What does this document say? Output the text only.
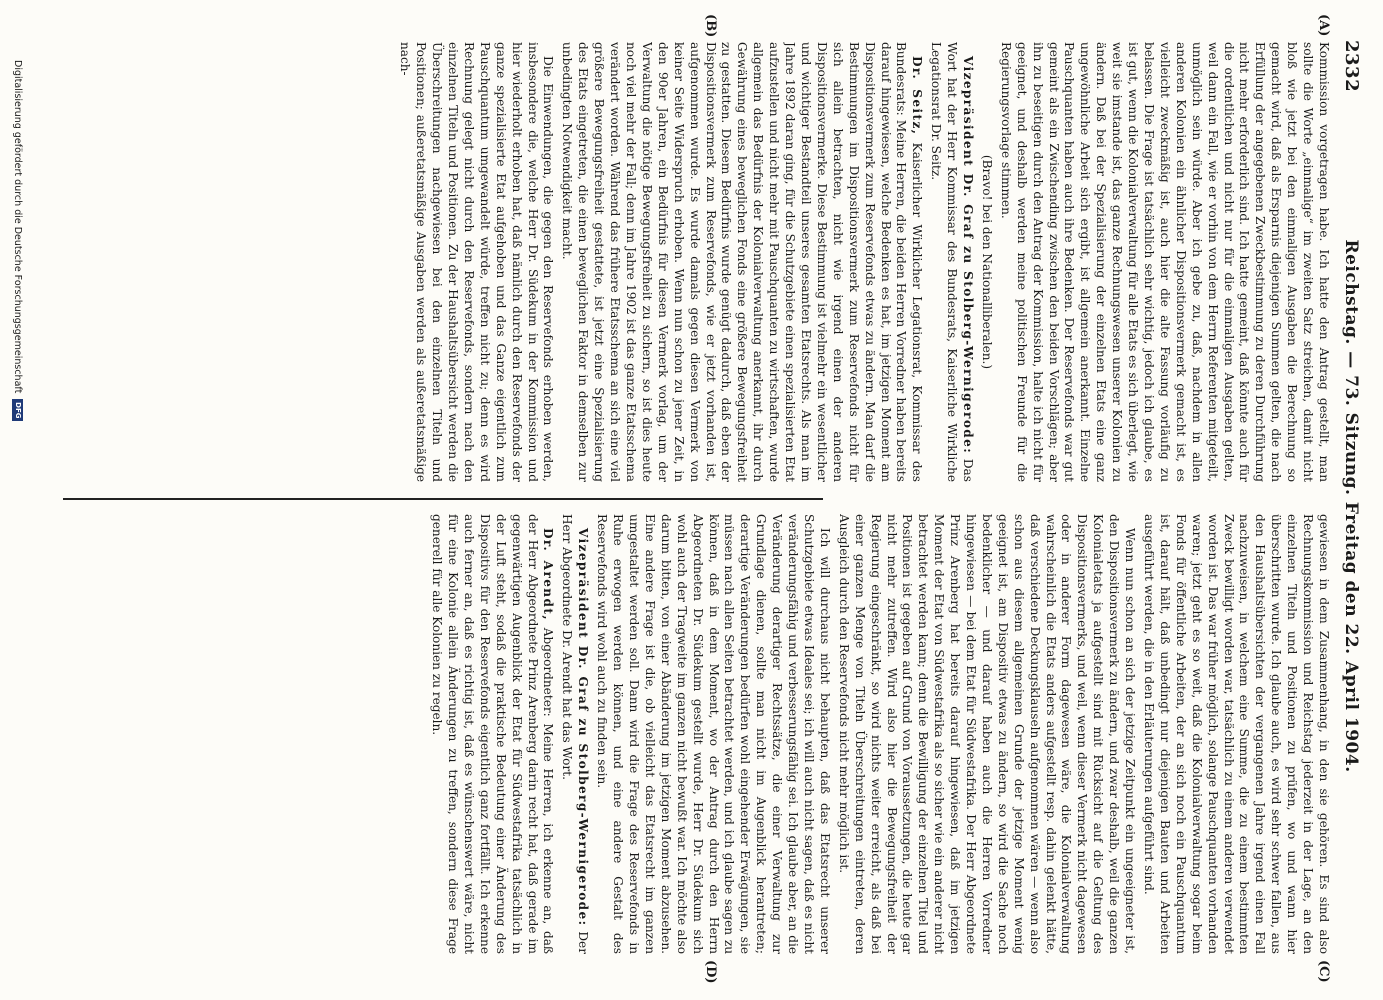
2332
Reichstag. — 73. Sitzung. Freitag den 22. April 1904.
(A)
(B)
(C)
(D)

Kommission vorgetragen habe. Ich hatte den Antrag gestellt, man sollte die Worte „einmalige“ im zweiten Satz streichen, damit nicht bloß wie jetzt bei den einmaligen Ausgaben die Berechnung so gemacht wird, daß als Ersparnis diejenigen Summen gelten, die nach Erfüllung der angegebenen Zweckbestimmung zu deren Durchführung nicht mehr erforderlich sind. Ich hatte gemeint, daß könnte auch für die ordentlichen und nicht nur für die einmaligen Ausgaben gelten, weil dann ein Fall, wie er vorhin von dem Herrn Referenten mitgeteilt, unmöglich sein würde. Aber ich gebe zu, daß, nachdem in allen anderen Kolonien ein ähnlicher Dispositionsvermerk gemacht ist, es vielleicht zweckmäßig ist, auch hier die alte Fassung vorläufig zu belassen. Die Frage ist tatsächlich sehr wichtig, jedoch ich glaube, es ist gut, wenn die Kolonialverwaltung für alle Etats es sich überlegt, wie weit sie imstande ist, das ganze Rechnungswesen unserer Kolonien zu ändern. Daß bei der Spezialisierung der einzelnen Etats eine ganz ungewöhnliche Arbeit sich ergibt, ist allgemein anerkannt. Einzelne Pauschquanten haben auch ihre Bedenken. Der Reservefonds war gut gemeint als ein Zwischending zwischen den beiden Vorschlägen; aber ihn zu beseitigen durch den Antrag der Kommission, halte ich nicht für geeignet, und deshalb werden meine politischen Freunde für die Regierungsvorlage stimmen.

(Bravo! bei den Nationalliberalen.)

Vizepräsident Dr. Graf zu Stolberg-Wernigerode: Das Wort hat der Herr Kommissar des Bundesrats, Kaiserliche Wirkliche Legationsrat Dr. Seitz.

Dr. Seitz, Kaiserlicher Wirklicher Legationsrat, Kommissar des Bundesrats: Meine Herren, die beiden Herren Vorredner haben bereits darauf hingewiesen, welche Bedenken es hat, im jetzigen Moment am Dispositionsvermerk zum Reservefonds etwas zu ändern. Man darf die Bestimmungen im Dispositionsvermerk zum Reservefonds nicht für sich allein betrachten, nicht wie irgend einen der anderen Dispositionsvermerke. Diese Bestimmung ist vielmehr ein wesentlicher und wichtiger Bestandteil unseres gesamten Etatsrechts. Als man im Jahre 1892 daran ging, für die Schutzgebiete einen spezialisierten Etat aufzustellen und nicht mehr mit Pauschquanten zu wirtschaften, wurde allgemein das Bedürfnis der Kolonialverwaltung anerkannt, ihr durch Gewährung eines beweglichen Fonds eine größere Bewegungsfreiheit zu gestatten. Diesem Bedürfnis wurde genügt dadurch, daß eben der Dispositionsvermerk zum Reservefonds, wie er jetzt vorhanden ist, aufgenommen wurde. Es wurde damals gegen diesen Vermerk von keiner Seite Widerspruch erhoben. Wenn nun schon zu jener Zeit, in den 90er Jahren, ein Bedürfnis für diesen Vermerk vorlag, um der Verwaltung die nötige Bewegungsfreiheit zu sichern, so ist dies heute noch viel mehr der Fall; denn im Jahre 1902 ist das ganze Etatsschema verändert worden. Während das frühere Etatsschema an sich eine viel größere Bewegungsfreiheit gestattete, ist jetzt eine Spezialisierung des Etats eingetreten, die einen beweglichen Faktor in demselben zur unbedingten Notwendigkeit macht.

Die Einwendungen, die gegen den Reservefonds erhoben werden, insbesondere die, welche Herr Dr. Südekum in der Kommission und hier wiederholt erhoben hat, daß nämlich durch den Reservefonds der ganze spezialisierte Etat aufgehoben und das Ganze eigentlich zum Pauschquantum umgewandelt würde, treffen nicht zu; denn es wird Rechnung gelegt nicht durch den Reservefonds, sondern nach den einzelnen Titeln und Positionen. Zu der Haushaltsübersicht werden die Überschreitungen nachgewiesen bei den einzelnen Titeln und Positionen; außeretatsmäßige Ausgaben werden als außeretatsmäßige nach-

gewiesen in dem Zusammenhang, in den sie gehören. Es sind also Rechnungskommission und Reichstag jederzeit in der Lage, an den einzelnen Titeln und Positionen zu prüfen, wo und wann hier überschritten wurde. Ich glaube auch, es wird sehr schwer fallen, aus den Haushaltsübersichten der vergangenen Jahre irgend einen Fall nachzuweisen, in welchem eine Summe, die zu einem bestimmten Zweck bewilligt worden war, tatsächlich zu einem anderen verwendet worden ist. Das war früher möglich, solange Pauschquanten vorhanden waren; jetzt geht es so weit, daß die Kolonialverwaltung sogar beim Fonds für öffentliche Arbeiten, der an sich noch ein Pauschquantum ist, darauf hält, daß unbedingt nur diejenigen Bauten und Arbeiten ausgeführt werden, die in den Erläuterungen aufgeführt sind.

Wenn nun schon an sich der jetzige Zeitpunkt ein ungeeigneter ist, den Dispositionsvermerk zu ändern, und zwar deshalb, weil die ganzen Kolonialetats ja aufgestellt sind mit Rücksicht auf die Geltung des Dispositionsvermerks, und weil, wenn dieser Vermerk nicht dagewesen oder in anderer Form dagewesen wäre, die Kolonialverwaltung wahrscheinlich die Etats anders aufgestellt resp. dahin gelenkt hätte, daß verschiedene Deckungsklauseln aufgenommen wären — wenn also schon aus diesem allgemeinen Grunde der jetzige Moment wenig geeignet ist, am Dispositiv etwas zu ändern, so wird die Sache noch bedenklicher — und darauf haben auch die Herren Vorredner hingewiesen — bei dem Etat für Südwestafrika. Der Herr Abgeordnete Prinz Arenberg hat bereits darauf hingewiesen, daß im jetzigen Moment der Etat von Südwestafrika als so sicher wie ein anderer nicht betrachtet werden kann; denn die Bewilligung der einzelnen Titel und Positionen ist gegeben auf Grund von Voraussetzungen, die heute gar nicht mehr zutreffen. Wird also hier die Bewegungsfreiheit der Regierung eingeschränkt, so wird nichts weiter erreicht, als daß bei einer ganzen Menge von Titeln Überschreitungen eintreten, deren Ausgleich durch den Reservefonds nicht mehr möglich ist.

Ich will durchaus nicht behaupten, daß das Etatsrecht unserer Schutzgebiete etwas Ideales sei; ich will auch nicht sagen, daß es nicht veränderungsfähig und verbesserungsfähig sei. Ich glaube aber, an die Veränderung derartiger Rechtssätze, die einer Verwaltung zur Grundlage dienen, sollte man nicht im Augenblick herantreten; derartige Veränderungen bedürfen wohl eingehender Erwägungen, sie müssen nach allen Seiten betrachtet werden, und ich glaube sagen zu können, daß in dem Moment, wo der Antrag durch den Herrn Abgeordneten Dr. Südekum gestellt wurde, Herr Dr. Südekum sich wohl auch der Tragweite im ganzen nicht bewußt war. Ich möchte also darum bitten, von einer Abänderung im jetzigen Moment abzusehen. Eine andere Frage ist die, ob vielleicht das Etatsrecht im ganzen umgestaltet werden soll. Dann wird die Frage des Reservefonds in Ruhe erwogen werden können, und eine andere Gestalt des Reservefonds wird wohl auch zu finden sein.

Vizepräsident Dr. Graf zu Stolberg-Wernigerode: Der Herr Abgeordnete Dr. Arendt hat das Wort.

Dr. Arendt, Abgeordneter: Meine Herren, ich erkenne an, daß der Herr Abgeordnete Prinz Arenberg darin recht hat, daß gerade im gegenwärtigen Augenblick der Etat für Südwestafrika tatsächlich in der Luft steht, sodaß die praktische Bedeutung einer Änderung des Dispositivs für den Reservefonds eigentlich ganz fortfällt. Ich erkenne auch ferner an, daß es richtig ist, daß es wünschenswert wäre, nicht für eine Kolonie allein Änderungen zu treffen, sondern diese Frage generell für alle Kolonien zu regeln.

Digitalisierung gefördert durch die Deutsche Forschungsgemeinschaft
DFG
